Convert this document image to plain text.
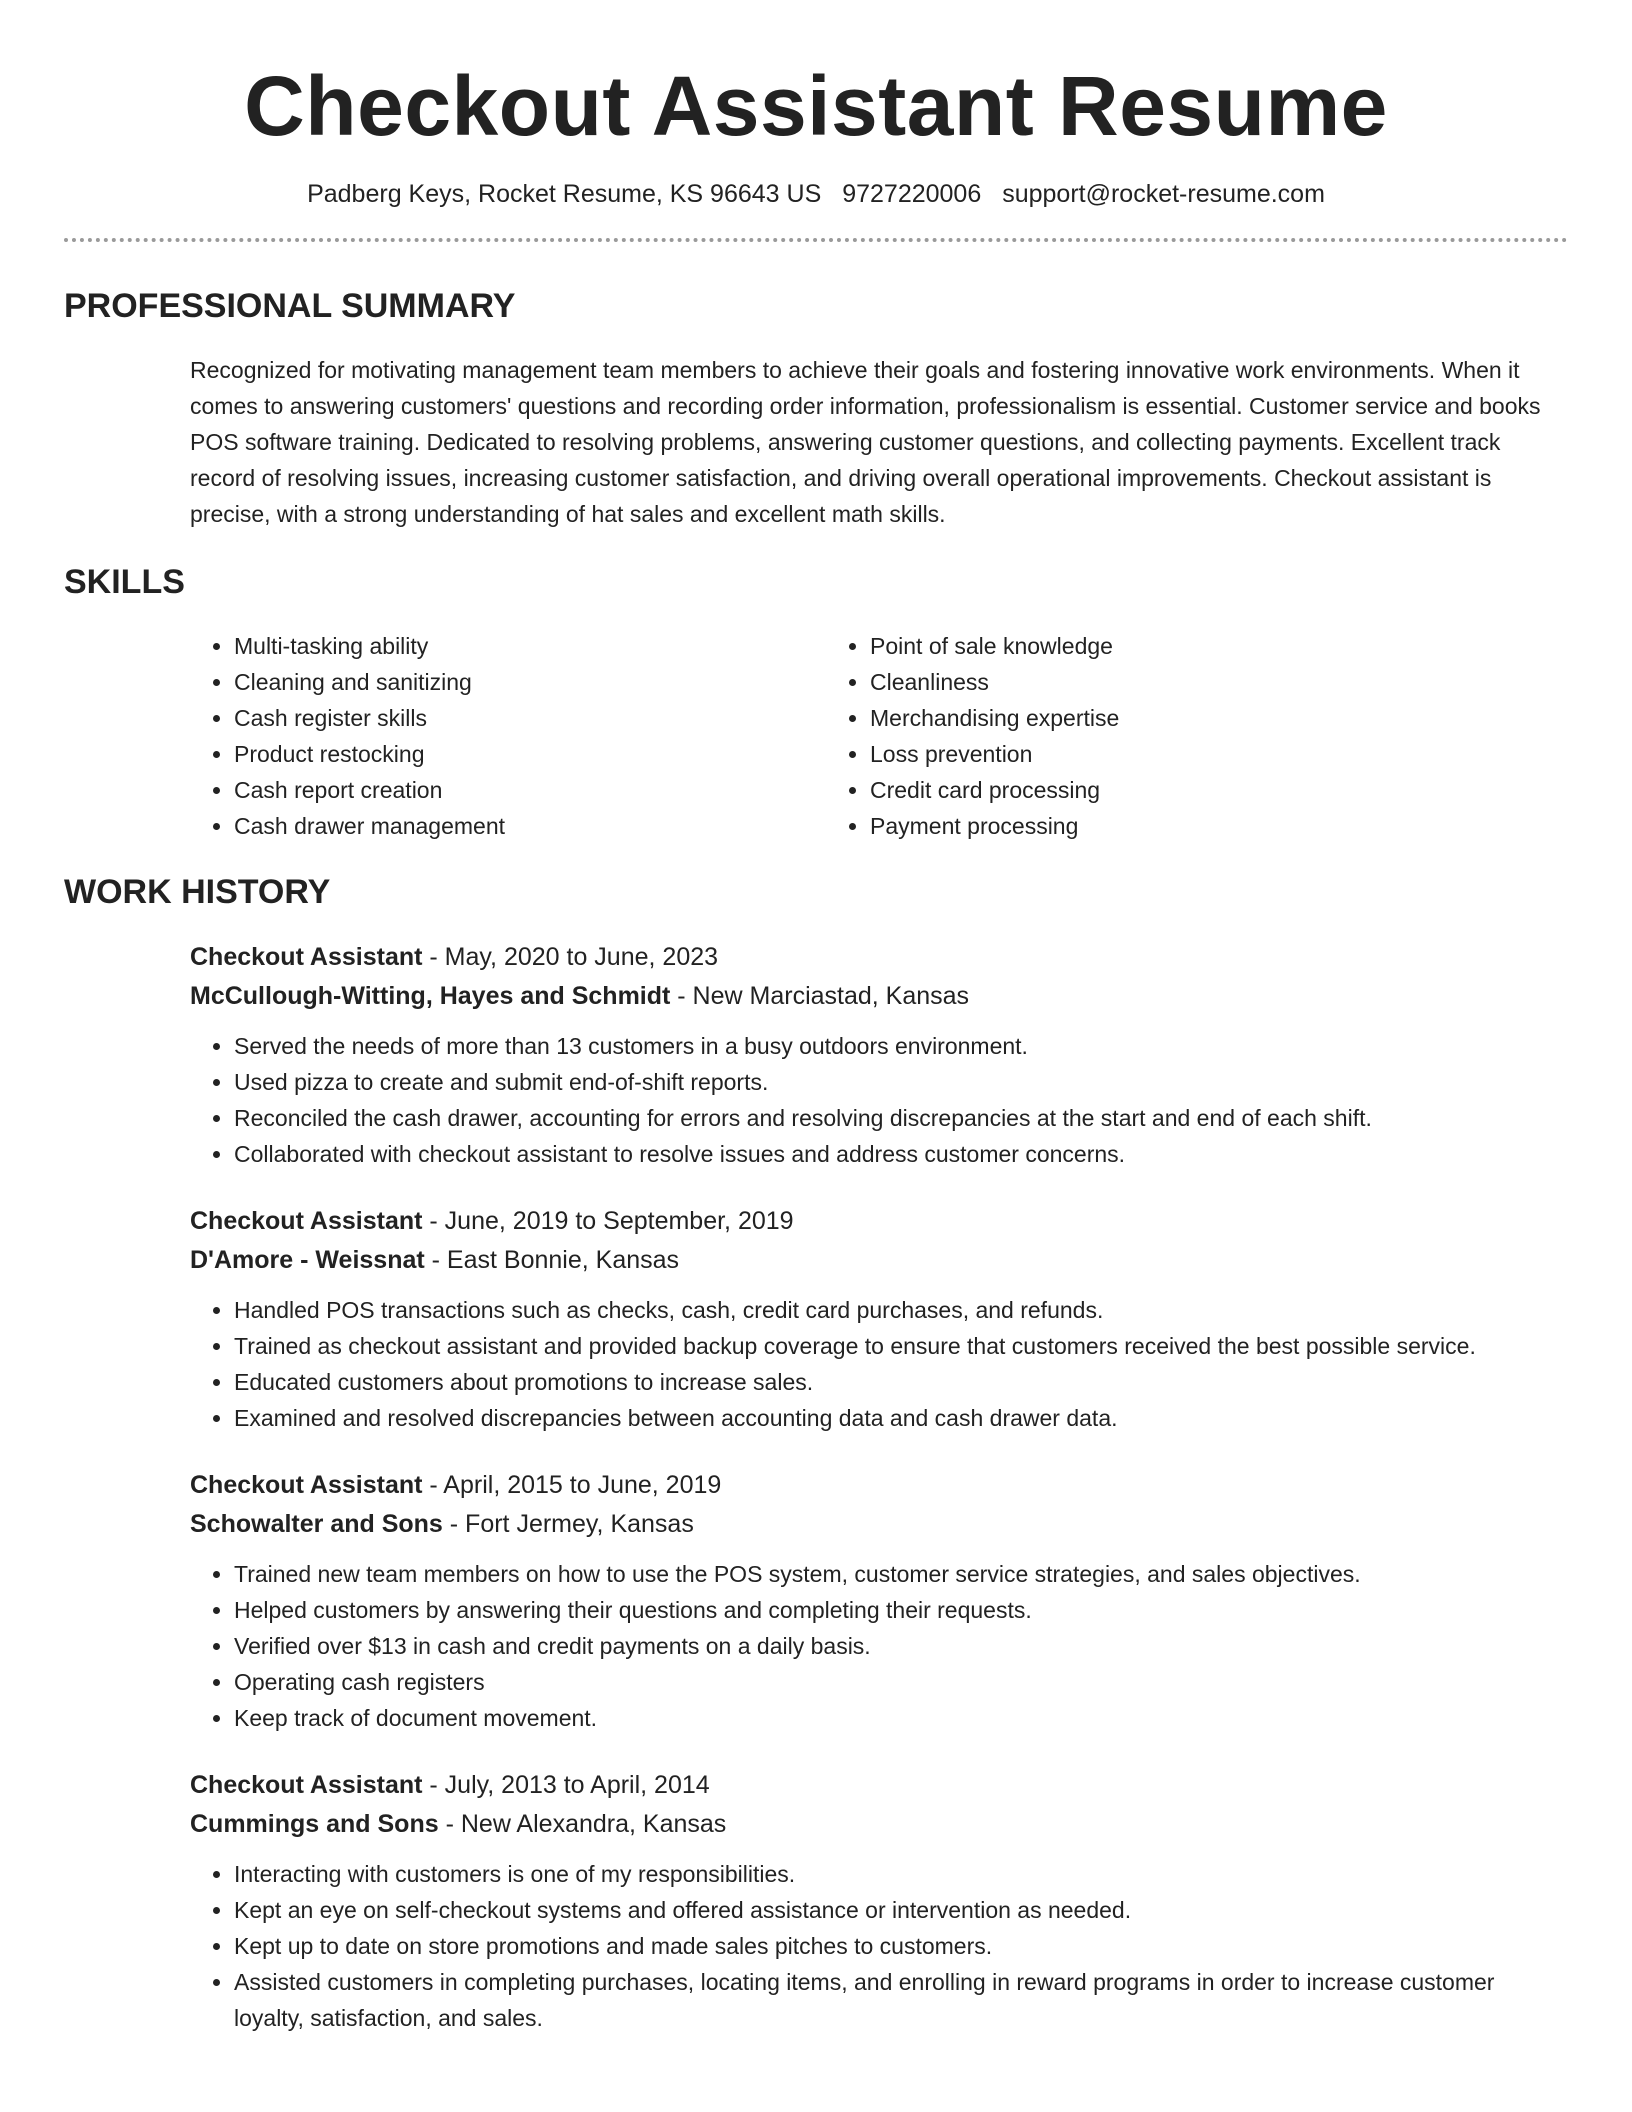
Checkout Assistant Resume
Padberg Keys, Rocket Resume, KS 96643 US 9727220006 support@rocket-resume.com
PROFESSIONAL SUMMARY

Recognized for motivating management team members to achieve their goals and fostering innovative work environments. When it comes to answering customers' questions and recording order information, professionalism is essential. Customer service and books POS software training. Dedicated to resolving problems, answering customer questions, and collecting payments. Excellent track record of resolving issues, increasing customer satisfaction, and driving overall operational improvements. Checkout assistant is precise, with a strong understanding of hat sales and excellent math skills.

SKILLS
• Multi-tasking ability
• Cleaning and sanitizing
• Cash register skills
• Product restocking
• Cash report creation
• Cash drawer management
• Point of sale knowledge
• Cleanliness
• Merchandising expertise
• Loss prevention
• Credit card processing
• Payment processing
WORK HISTORY
Checkout Assistant - May, 2020 to June, 2023
McCullough-Witting, Hayes and Schmidt - New Marciastad, Kansas
• Served the needs of more than 13 customers in a busy outdoors environment.
• Used pizza to create and submit end-of-shift reports.
• Reconciled the cash drawer, accounting for errors and resolving discrepancies at the start and end of each shift.
• Collaborated with checkout assistant to resolve issues and address customer concerns.
Checkout Assistant - June, 2019 to September, 2019
D'Amore - Weissnat - East Bonnie, Kansas
• Handled POS transactions such as checks, cash, credit card purchases, and refunds.
• Trained as checkout assistant and provided backup coverage to ensure that customers received the best possible service.
• Educated customers about promotions to increase sales.
• Examined and resolved discrepancies between accounting data and cash drawer data.
Checkout Assistant - April, 2015 to June, 2019
Schowalter and Sons - Fort Jermey, Kansas
• Trained new team members on how to use the POS system, customer service strategies, and sales objectives.
• Helped customers by answering their questions and completing their requests.
• Verified over $13 in cash and credit payments on a daily basis.
• Operating cash registers
• Keep track of document movement.
Checkout Assistant - July, 2013 to April, 2014
Cummings and Sons - New Alexandra, Kansas
• Interacting with customers is one of my responsibilities.
• Kept an eye on self-checkout systems and offered assistance or intervention as needed.
• Kept up to date on store promotions and made sales pitches to customers.
• Assisted customers in completing purchases, locating items, and enrolling in reward programs in order to increase customer loyalty, satisfaction, and sales.
